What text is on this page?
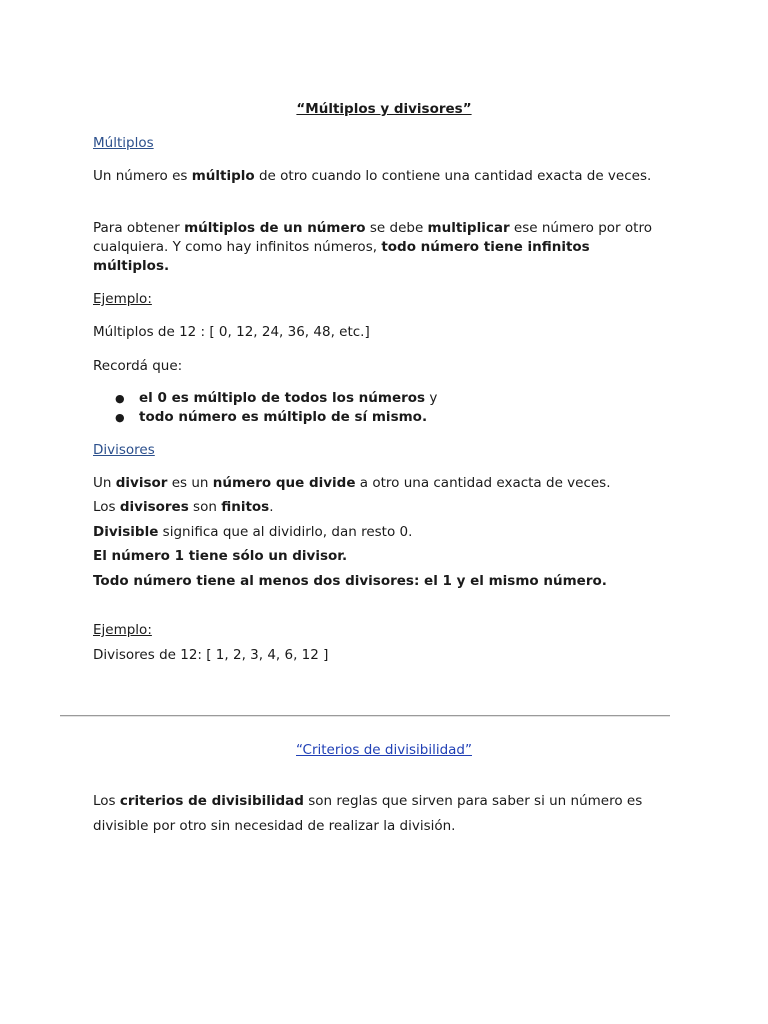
“Múltiplos y divisores”
Múltiplos
Un número es múltiplo de otro cuando lo contiene una cantidad exacta de veces.
Para obtener múltiplos de un número se debe multiplicar ese número por otro cualquiera. Y como hay infinitos números, todo número tiene infinitos múltiplos.
Ejemplo:
Múltiplos de 12 : [ 0, 12, 24, 36, 48, etc.]
Recordá que:
● el 0 es múltiplo de todos los números y
● todo número es múltiplo de sí mismo.
Divisores
Un divisor es un número que divide a otro una cantidad exacta de veces.
Los divisores son finitos.
Divisible significa que al dividirlo, dan resto 0.
El número 1 tiene sólo un divisor.
Todo número tiene al menos dos divisores: el 1 y el mismo número.
Ejemplo:
Divisores de 12: [ 1, 2, 3, 4, 6, 12 ]
“Criterios de divisibilidad”
Los criterios de divisibilidad son reglas que sirven para saber si un número es divisible por otro sin necesidad de realizar la división.
